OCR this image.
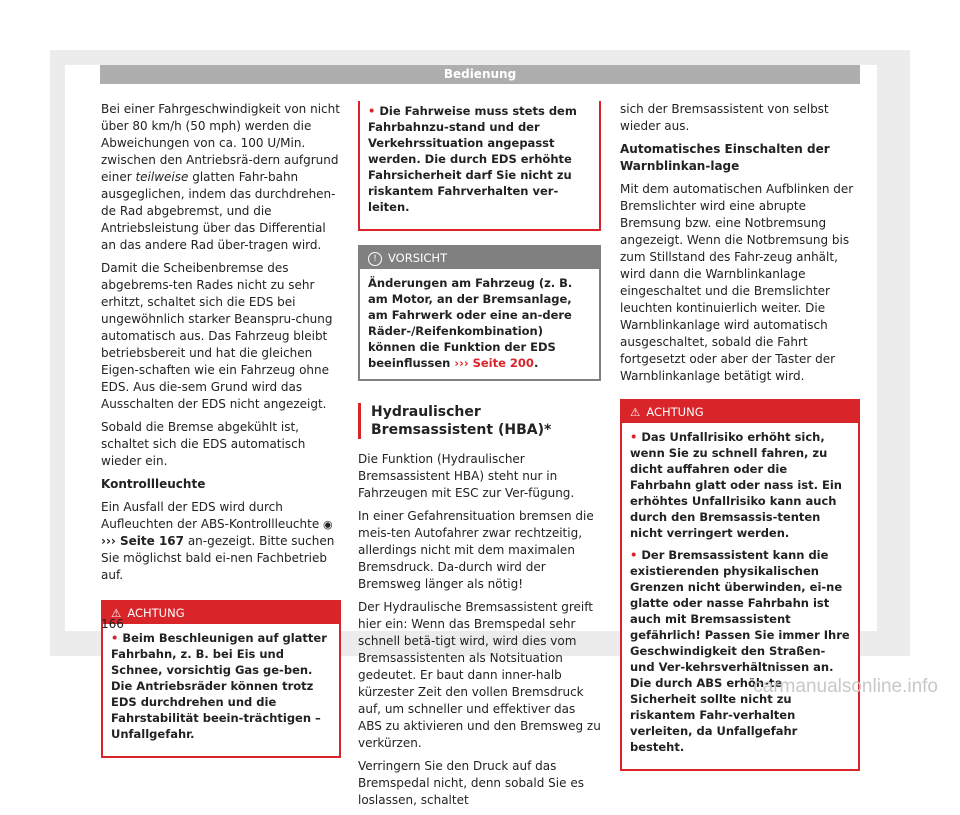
Bedienung

Bei einer Fahrgeschwindigkeit von nicht über 80 km/h (50 mph) werden die Abweichungen von ca. 100 U/Min. zwischen den Antriebsrä-dern aufgrund einer teilweise glatten Fahr-bahn ausgeglichen, indem das durchdrehen-de Rad abgebremst, und die Antriebsleistung über das Differential an das andere Rad über-tragen wird.

Damit die Scheibenbremse des abgebrems-ten Rades nicht zu sehr erhitzt, schaltet sich die EDS bei ungewöhnlich starker Beanspru-chung automatisch aus. Das Fahrzeug bleibt betriebsbereit und hat die gleichen Eigen-schaften wie ein Fahrzeug ohne EDS. Aus die-sem Grund wird das Ausschalten der EDS nicht angezeigt.

Sobald die Bremse abgekühlt ist, schaltet sich die EDS automatisch wieder ein.

Kontrollleuchte

Ein Ausfall der EDS wird durch Aufleuchten der ABS-Kontrollleuchte ◉ ››› Seite 167 an-gezeigt. Bitte suchen Sie möglichst bald ei-nen Fachbetrieb auf.

⚠ ACHTUNG

• Beim Beschleunigen auf glatter Fahrbahn, z. B. bei Eis und Schnee, vorsichtig Gas ge-ben. Die Antriebsräder können trotz EDS durchdrehen und die Fahrstabilität beein-trächtigen – Unfallgefahr.

• Die Fahrweise muss stets dem Fahrbahnzu-stand und der Verkehrssituation angepasst werden. Die durch EDS erhöhte Fahrsicherheit darf Sie nicht zu riskantem Fahrverhalten ver-leiten.

! VORSICHT
Änderungen am Fahrzeug (z. B. am Motor, an der Bremsanlage, am Fahrwerk oder eine an-dere Räder-/Reifenkombination) können die Funktion der EDS beeinflussen ››› Seite 200.
Hydraulischer Bremsassistent (HBA)*

Die Funktion (Hydraulischer Bremsassistent HBA) steht nur in Fahrzeugen mit ESC zur Ver-fügung.

In einer Gefahrensituation bremsen die meis-ten Autofahrer zwar rechtzeitig, allerdings nicht mit dem maximalen Bremsdruck. Da-durch wird der Bremsweg länger als nötig!

Der Hydraulische Bremsassistent greift hier ein: Wenn das Bremspedal sehr schnell betä-tigt wird, wird dies vom Bremsassistenten als Notsituation gedeutet. Er baut dann inner-halb kürzester Zeit den vollen Bremsdruck auf, um schneller und effektiver das ABS zu aktivieren und den Bremsweg zu verkürzen.

Verringern Sie den Druck auf das Bremspedal nicht, denn sobald Sie es loslassen, schaltet

sich der Bremsassistent von selbst wieder aus.

Automatisches Einschalten der Warnblinkan-lage

Mit dem automatischen Aufblinken der Bremslichter wird eine abrupte Bremsung bzw. eine Notbremsung angezeigt. Wenn die Notbremsung bis zum Stillstand des Fahr-zeug anhält, wird dann die Warnblinkanlage eingeschaltet und die Bremslichter leuchten kontinuierlich weiter. Die Warnblinkanlage wird automatisch ausgeschaltet, sobald die Fahrt fortgesetzt oder aber der Taster der Warnblinkanlage betätigt wird.

⚠ ACHTUNG

• Das Unfallrisiko erhöht sich, wenn Sie zu schnell fahren, zu dicht auffahren oder die Fahrbahn glatt oder nass ist. Ein erhöhtes Unfallrisiko kann auch durch den Bremsassis-tenten nicht verringert werden.

• Der Bremsassistent kann die existierenden physikalischen Grenzen nicht überwinden, ei-ne glatte oder nasse Fahrbahn ist auch mit Bremsassistent gefährlich! Passen Sie immer Ihre Geschwindigkeit den Straßen- und Ver-kehrsverhältnissen an. Die durch ABS erhöh-te Sicherheit sollte nicht zu riskantem Fahr-verhalten verleiten, da Unfallgefahr besteht.

166
carmanualsonline.info
